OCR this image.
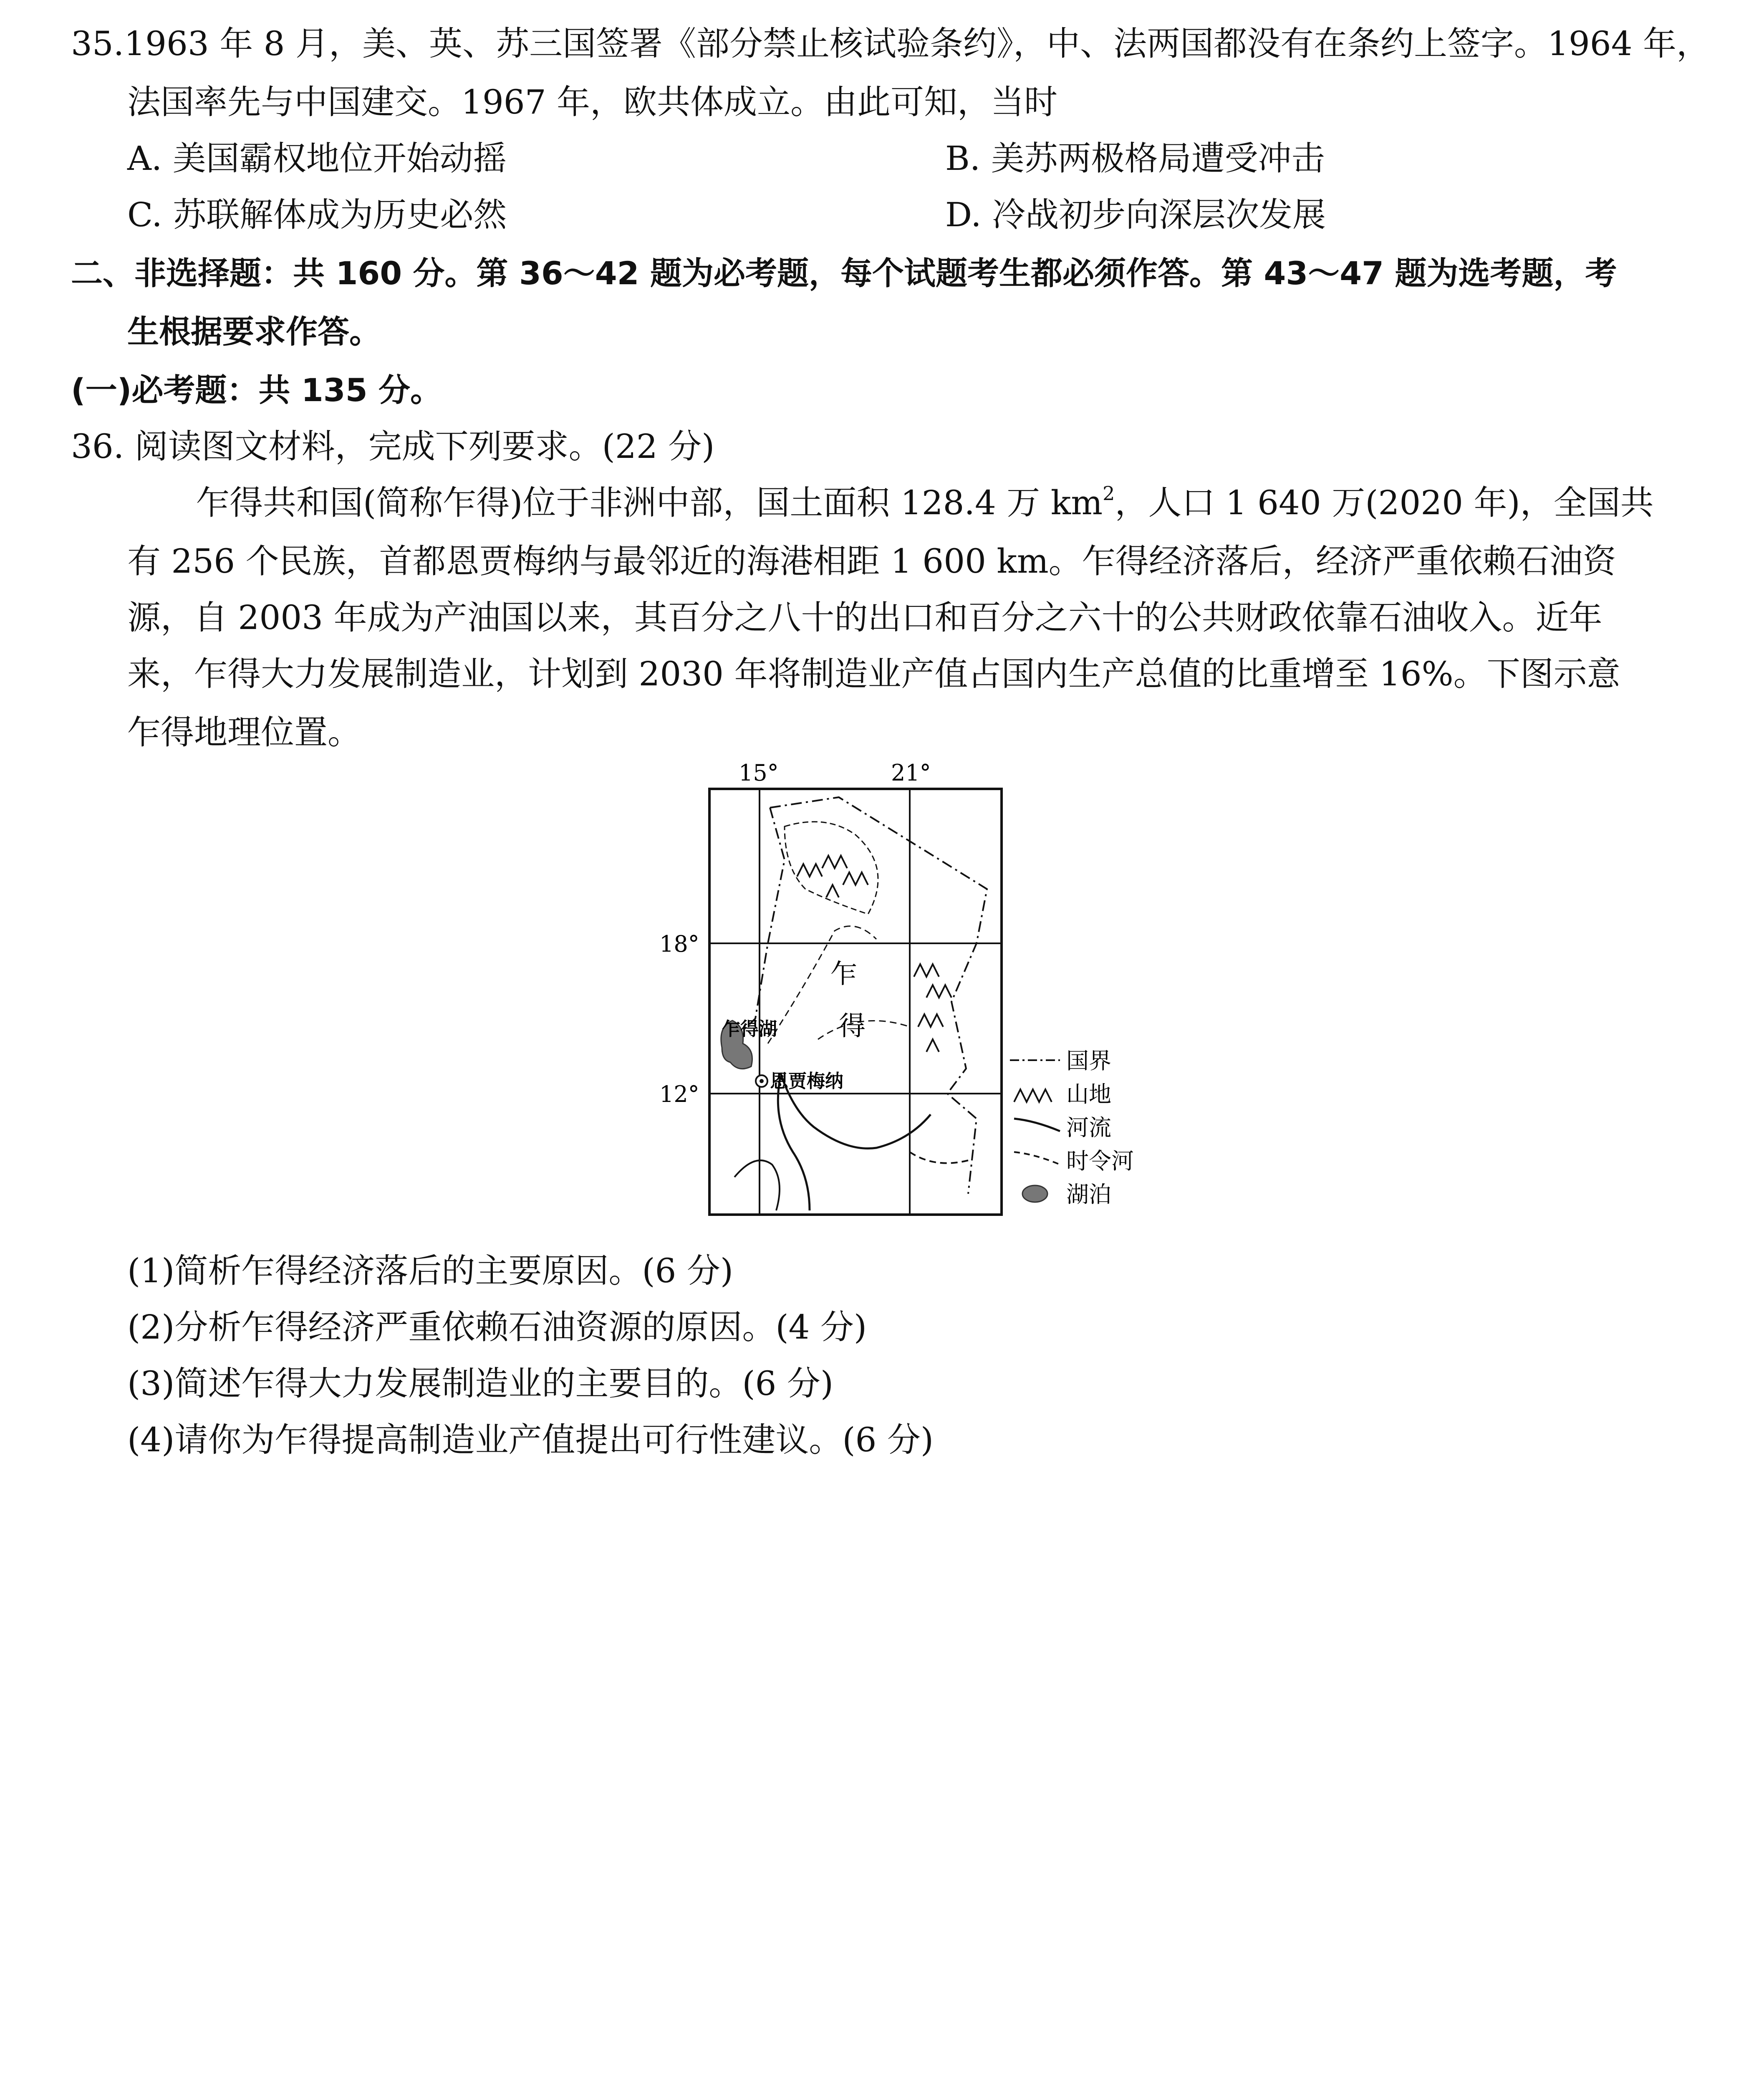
35.1963 年 8 月，美、英、苏三国签署《部分禁止核试验条约》，中、法两国都没有在条约上签字。1964 年，
法国率先与中国建交。1967 年，欧共体成立。由此可知，当时
A. 美国霸权地位开始动摇	B. 美苏两极格局遭受冲击
C. 苏联解体成为历史必然	D. 冷战初步向深层次发展
二、非选择题：共 160 分。第 36～42 题为必考题，每个试题考生都必须作答。第 43～47 题为选考题，考
生根据要求作答。
(一)必考题：共 135 分。
36. 阅读图文材料，完成下列要求。(22 分)
乍得共和国(简称乍得)位于非洲中部，国土面积 128.4 万 $km^2$，人口 1 640 万(2020 年)，全国共
有 256 个民族，首都恩贾梅纳与最邻近的海港相距 1 600 km。乍得经济落后，经济严重依赖石油资
源，自 2003 年成为产油国以来，其百分之八十的出口和百分之六十的公共财政依靠石油收入。近年
来，乍得大力发展制造业，计划到 2030 年将制造业产值占国内生产总值的比重增至 16%。下图示意
乍得地理位置。
15°	21°
18°
12°
乍得湖
恩贾梅纳
乍
得
国界
山地
河流
时令河
湖泊
(1)简析乍得经济落后的主要原因。(6 分)
(2)分析乍得经济严重依赖石油资源的原因。(4 分)
(3)简述乍得大力发展制造业的主要目的。(6 分)
(4)请你为乍得提高制造业产值提出可行性建议。(6 分)
